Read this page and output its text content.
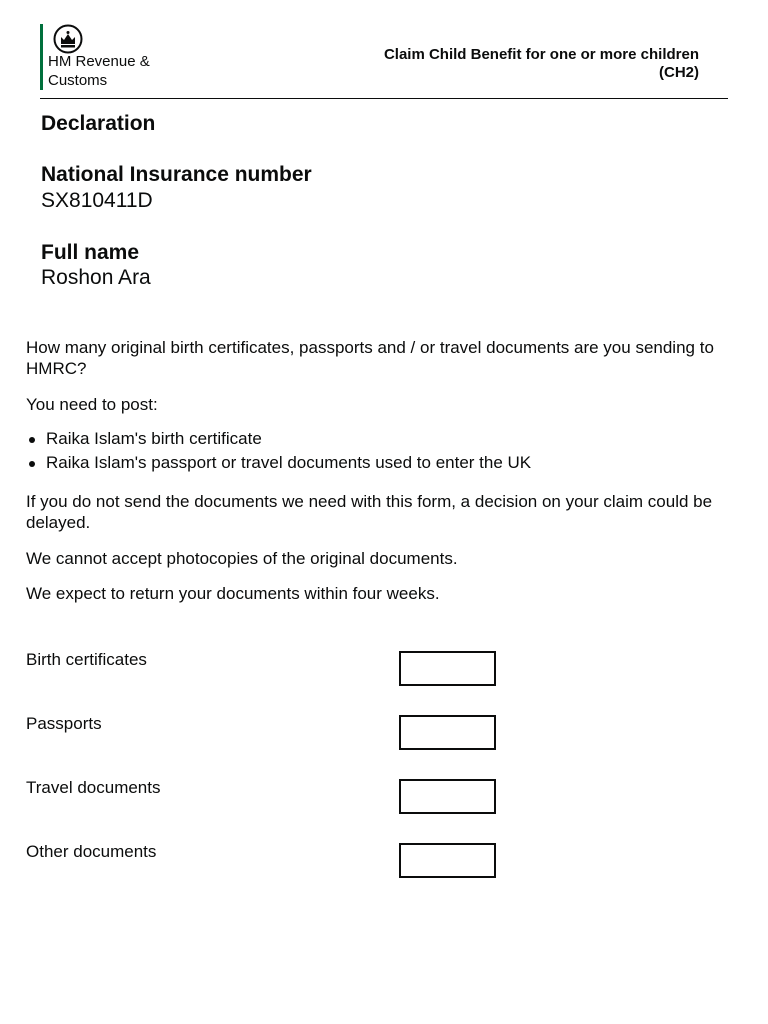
HM Revenue &
Customs
Claim Child Benefit for one or more children
(CH2)
Declaration
National Insurance number
SX810411D
Full name
Roshon Ara

How many original birth certificates, passports and / or travel documents are you sending to HMRC?

You need to post:

Raika Islam's birth certificate
Raika Islam's passport or travel documents used to enter the UK

If you do not send the documents we need with this form, a decision on your claim could be delayed.

We cannot accept photocopies of the original documents.

We expect to return your documents within four weeks.

Birth certificates
Passports
Travel documents
Other documents
